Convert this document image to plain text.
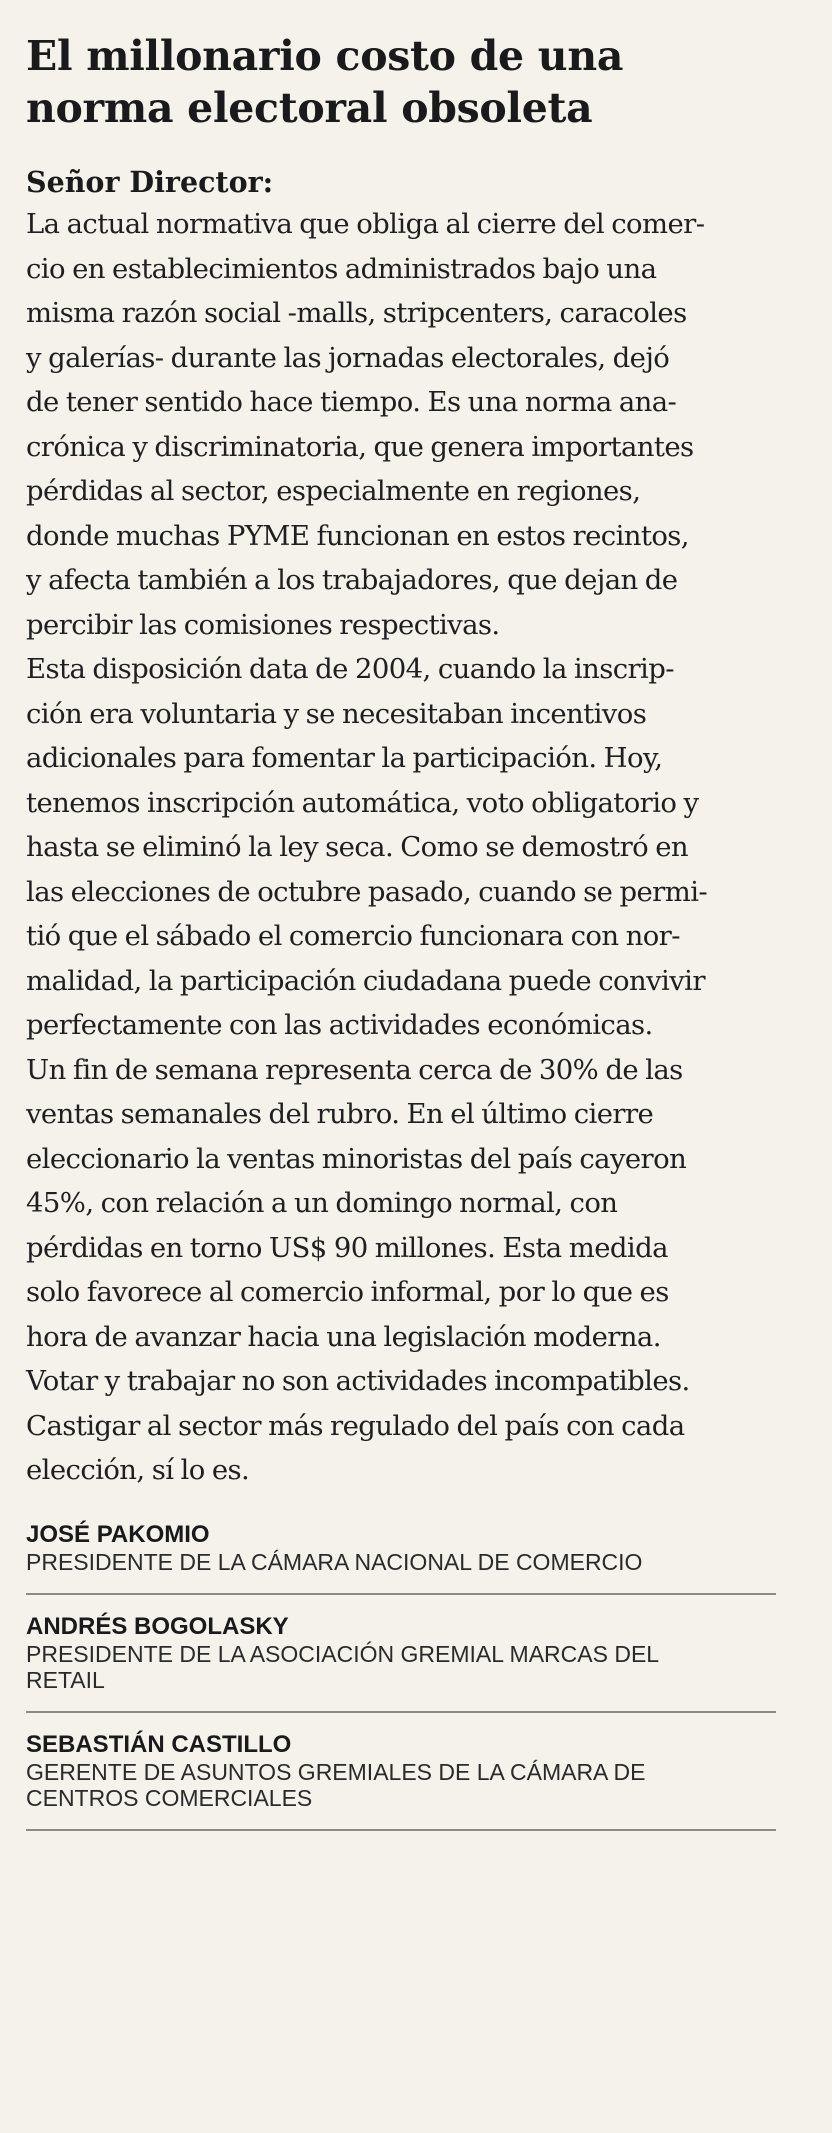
El millonario costo de una
norma electoral obsoleta

Señor Director:

La actual normativa que obliga al cierre del comer-
cio en establecimientos administrados bajo una
misma razón social -malls, stripcenters, caracoles
y galerías- durante las jornadas electorales, dejó
de tener sentido hace tiempo. Es una norma ana-
crónica y discriminatoria, que genera importantes
pérdidas al sector, especialmente en regiones,
donde muchas PYME funcionan en estos recintos,
y afecta también a los trabajadores, que dejan de
percibir las comisiones respectivas.

Esta disposición data de 2004, cuando la inscrip-
ción era voluntaria y se necesitaban incentivos
adicionales para fomentar la participación. Hoy,
tenemos inscripción automática, voto obligatorio y
hasta se eliminó la ley seca. Como se demostró en
las elecciones de octubre pasado, cuando se permi-
tió que el sábado el comercio funcionara con nor-
malidad, la participación ciudadana puede convivir
perfectamente con las actividades económicas.

Un fin de semana representa cerca de 30% de las
ventas semanales del rubro. En el último cierre
eleccionario la ventas minoristas del país cayeron
45%, con relación a un domingo normal, con
pérdidas en torno US$ 90 millones. Esta medida
solo favorece al comercio informal, por lo que es
hora de avanzar hacia una legislación moderna.

Votar y trabajar no son actividades incompatibles.
Castigar al sector más regulado del país con cada
elección, sí lo es.

JOSÉ PAKOMIO
PRESIDENTE DE LA CÁMARA NACIONAL DE COMERCIO
ANDRÉS BOGOLASKY
PRESIDENTE DE LA ASOCIACIÓN GREMIAL MARCAS DEL
RETAIL
SEBASTIÁN CASTILLO
GERENTE DE ASUNTOS GREMIALES DE LA CÁMARA DE
CENTROS COMERCIALES
